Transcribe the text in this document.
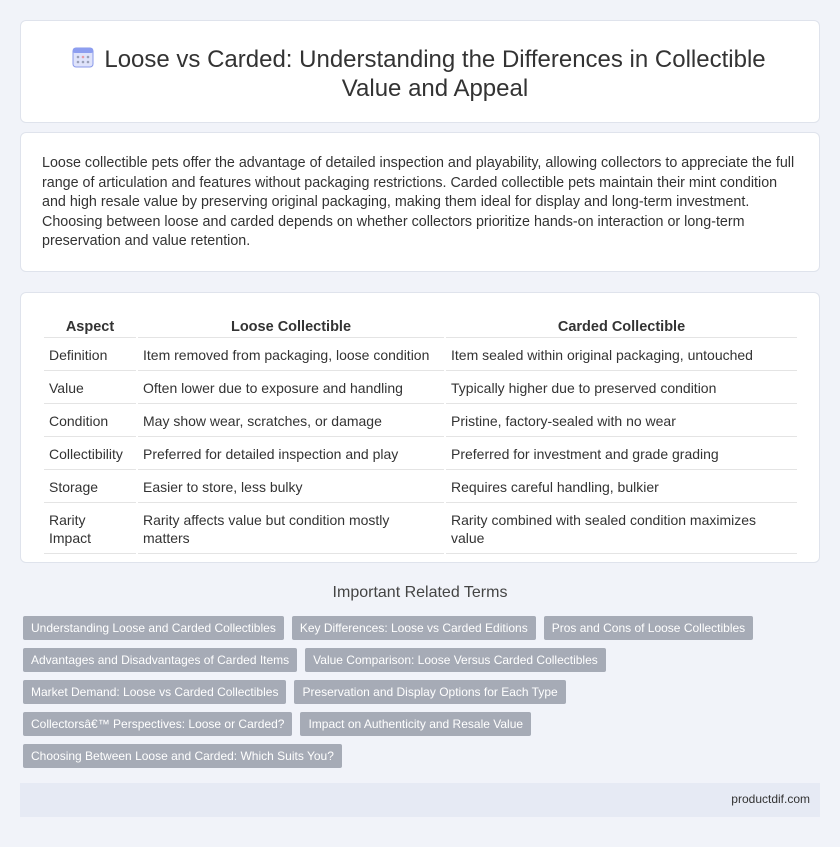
Loose vs Carded: Understanding the Differences in Collectible Value and Appeal

Loose collectible pets offer the advantage of detailed inspection and playability, allowing collectors to appreciate the full range of articulation and features without packaging restrictions. Carded collectible pets maintain their mint condition and high resale value by preserving original packaging, making them ideal for display and long-term investment. Choosing between loose and carded depends on whether collectors prioritize hands-on interaction or long-term preservation and value retention.

Aspect	Loose Collectible	Carded Collectible
Definition	Item removed from packaging, loose condition	Item sealed within original packaging, untouched
Value	Often lower due to exposure and handling	Typically higher due to preserved condition
Condition	May show wear, scratches, or damage	Pristine, factory-sealed with no wear
Collectibility	Preferred for detailed inspection and play	Preferred for investment and grade grading
Storage	Easier to store, less bulky	Requires careful handling, bulkier
Rarity Impact	Rarity affects value but condition mostly matters	Rarity combined with sealed condition maximizes value
Important Related Terms
Understanding Loose and Carded Collectibles	Key Differences: Loose vs Carded Editions	Pros and Cons of Loose Collectibles
Advantages and Disadvantages of Carded Items	Value Comparison: Loose Versus Carded Collectibles
Market Demand: Loose vs Carded Collectibles	Preservation and Display Options for Each Type
Collectorsâ€™ Perspectives: Loose or Carded?	Impact on Authenticity and Resale Value
Choosing Between Loose and Carded: Which Suits You?
productdif.com
